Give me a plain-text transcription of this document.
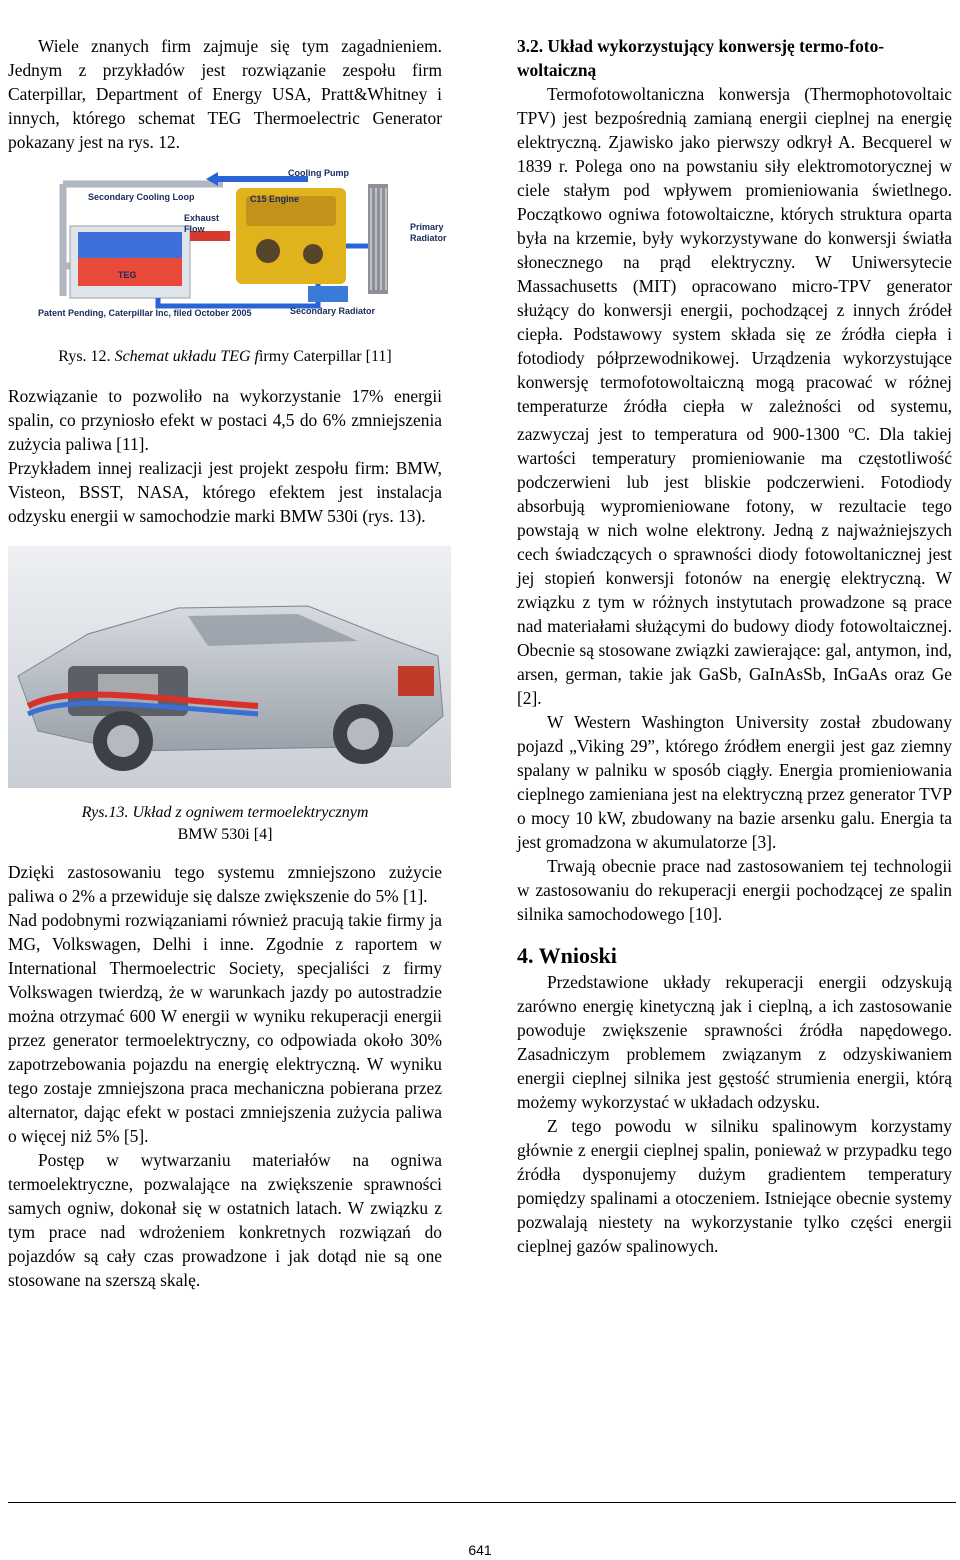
Wiele znanych firm zajmuje się tym zagadnieniem. Jednym z przykładów jest rozwiązanie zespołu firm Caterpillar, Department of Energy USA, Pratt&Whitney i innych, którego schemat TEG Thermoelectric Generator pokazany jest na rys. 12.

Cooling Pump
Secondary Cooling Loop	C15 Engine
Exhaust
Flow	Primary
Radiator
TEG
Patent Pending, Caterpillar Inc, filed October 2005	Secondary Radiator

Rys. 12. Schemat układu TEG firmy Caterpillar [11]

Rozwiązanie to pozwoliło na wykorzystanie 17% energii spalin, co przyniosło efekt w postaci 4,5 do 6% zmniejszenia zużycia paliwa [11].

Przykładem innej realizacji jest projekt zespołu firm: BMW, Visteon, BSST, NASA, którego efektem jest instalacja odzysku energii w samochodzie marki BMW 530i (rys. 13).

Rys.13. Układ z ogniwem termoelektrycznym
BMW 530i [4]

Dzięki zastosowaniu tego systemu zmniejszono zużycie paliwa o 2% a przewiduje się dalsze zwiększenie do 5% [1].

Nad podobnymi rozwiązaniami również pracują takie firmy ja MG, Volkswagen, Delhi i inne. Zgodnie z raportem w International Thermoelectric Society, specjaliści z firmy Volkswagen twierdzą, że w warunkach jazdy po autostradzie można otrzymać 600 W energii w wyniku rekuperacji energii przez generator termoelektryczny, co odpowiada około 30% zapotrzebowania pojazdu na energię elektryczną. W wyniku tego zostaje zmniejszona praca mechaniczna pobierana przez alternator, dając efekt w postaci zmniejszenia zużycia paliwa o więcej niż 5% [5].

Postęp w wytwarzaniu materiałów na ogniwa termoelektryczne, pozwalające na zwiększenie sprawności samych ogniw, dokonał się w ostatnich latach. W związku z tym prace nad wdrożeniem konkretnych rozwiązań do pojazdów są cały czas prowadzone i jak dotąd nie są one stosowane na szerszą skalę.

3.2. Układ wykorzystujący konwersję termo-foto-woltaiczną

Termofotowoltaniczna konwersja (Thermophotovoltaic TPV) jest bezpośrednią zamianą energii cieplnej na energię elektryczną. Zjawisko jako pierwszy odkrył A. Becquerel w 1839 r. Polega ono na powstaniu siły elektromotorycznej w ciele stałym pod wpływem promieniowania świetlnego. Początkowo ogniwa fotowoltaiczne, których struktura oparta była na krzemie, były wykorzystywane do konwersji światła słonecznego na prąd elektryczny. W Uniwersytecie Massachusetts (MIT) opracowano micro-TPV generator służący do konwersji energii, pochodzącej z innych źródeł ciepła. Podstawowy system składa się ze źródła ciepła i fotodiody półprzewodnikowej. Urządzenia wykorzystujące konwersję termofotowoltaiczną mogą pracować w różnej temperaturze źródła ciepła w zależności od systemu, zazwyczaj jest to temperatura od 900-1300 $^o$C. Dla takiej wartości temperatury promieniowanie ma częstotliwość podczerwieni lub jest bliskie podczerwieni. Fotodiody absorbują wypromieniowane fotony, w rezultacie tego powstają w nich wolne elektrony. Jedną z najważniejszych cech świadczących o sprawności diody fotowoltanicznej jest jej stopień konwersji fotonów na energię elektryczną. W związku z tym w różnych instytutach prowadzone są prace nad materiałami służącymi do budowy diody fotowoltaicznej. Obecnie są stosowane związki zawierające: gal, antymon, ind, arsen, german, takie jak GaSb, GaInAsSb, InGaAs oraz Ge [2].

W Western Washington University został zbudowany pojazd „Viking 29”, którego źródłem energii jest gaz ziemny spalany w palniku w sposób ciągły. Energia promieniowania cieplnego zamieniana jest na elektryczną przez generator TVP o mocy 10 kW, zbudowany na bazie arsenku galu. Energia ta jest gromadzona w akumulatorze [3].

Trwają obecnie prace nad zastosowaniem tej technologii w zastosowaniu do rekuperacji energii pochodzącej ze spalin silnika samochodowego [10].

4. Wnioski

Przedstawione układy rekuperacji energii odzyskują zarówno energię kinetyczną jak i cieplną, a ich zastosowanie powoduje zwiększenie sprawności źródła napędowego. Zasadniczym problemem związanym z odzyskiwaniem energii cieplnej silnika jest gęstość strumienia energii, którą możemy wykorzystać w układach odzysku.

Z tego powodu w silniku spalinowym korzystamy głównie z energii cieplnej spalin, ponieważ w przypadku tego źródła dysponujemy dużym gradientem temperatury pomiędzy spalinami a otoczeniem. Istniejące obecnie systemy pozwalają niestety na wykorzystanie tylko części energii cieplnej gazów spalinowych.

641
